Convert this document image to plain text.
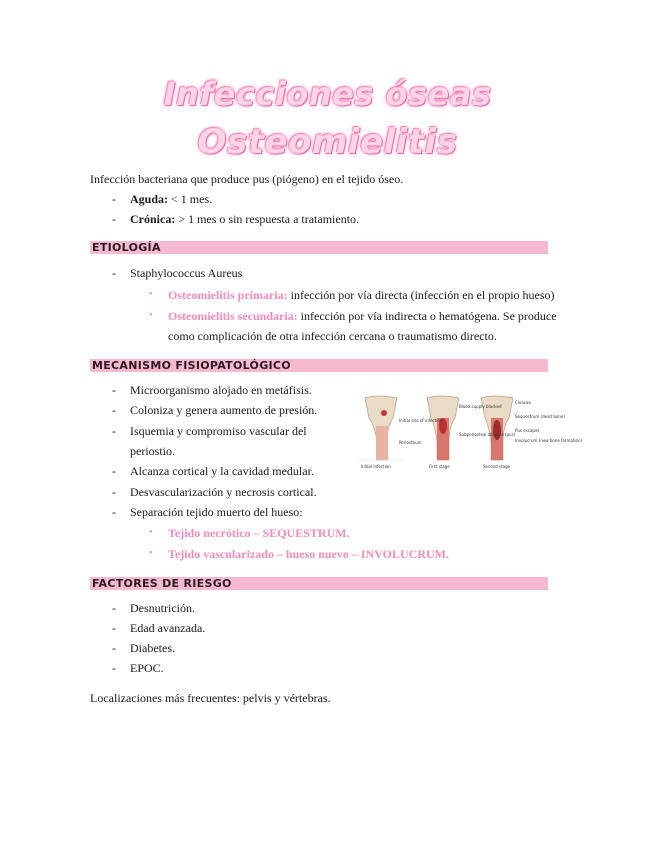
Infecciones óseas
Osteomielitis
Infección bacteriana que produce pus (piógeno) en el tejido óseo.
- Aguda: < 1 mes.
- Crónica: > 1 mes o sin respuesta a tratamiento.
ETIOLOGÍA
- Staphylococcus Aureus
• Osteomielitis primaria: infección por vía directa (infección en el propio hueso)
• Osteomielitis secundaria: infección por vía indirecta o hematógena. Se produce
como complicación de otra infección cercana o traumatismo directo.
MECANISMO FISIOPATOLÓGICO
- Microorganismo alojado en metáfisis.
- Coloniza y genera aumento de presión.
- Isquemia y compromiso vascular del
periostio.
- Alcanza cortical y la cavidad medular.
- Desvascularización y necrosis cortical.
- Separación tejido muerto del hueso:
• Tejido necrótico – SEQUESTRUM.
• Tejido vascularizado – hueso nuevo – INVOLUCRUM.
Initial infection	First stage	Second stage
Initial site of infection
Periosteum
Blood supply blocked
Subperiosteal abscess (pus)
Cloacae
Sequestrum (dead bone)
Pus escapes
Involucrum (new bone formation)
FACTORES DE RIESGO
- Desnutrición.
- Edad avanzada.
- Diabetes.
- EPOC.
Localizaciones más frecuentes: pelvis y vértebras.
